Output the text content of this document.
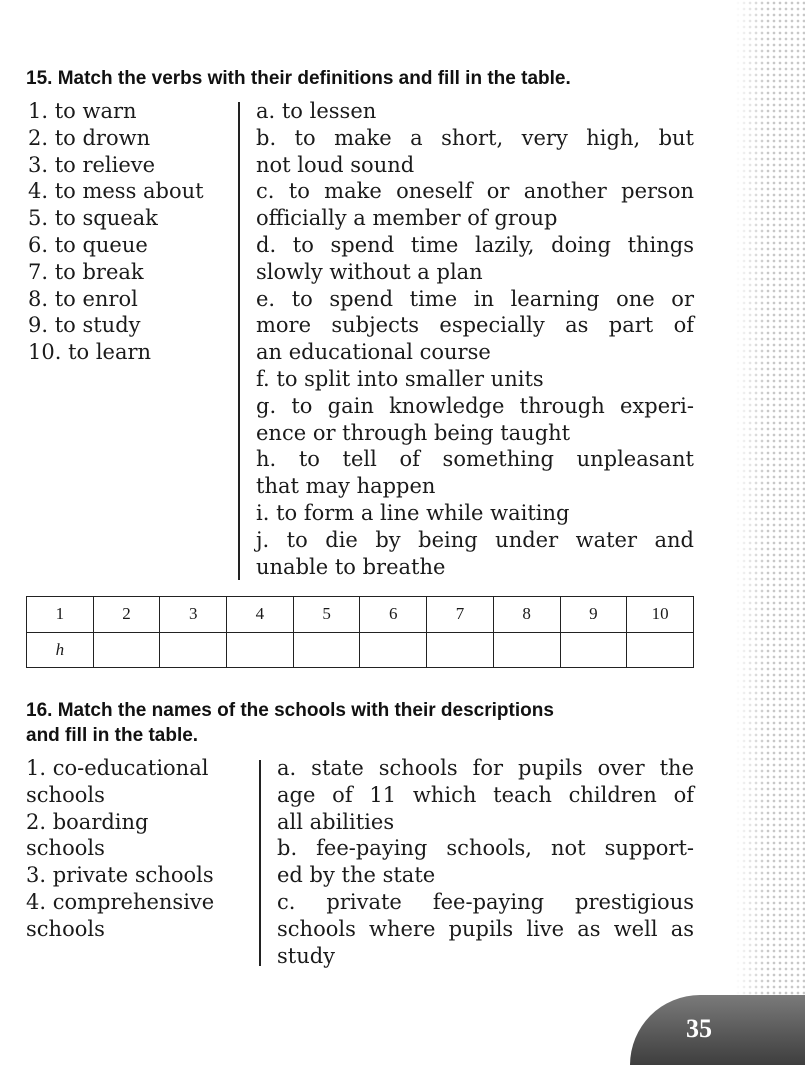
15. Match the verbs with their definitions and fill in the table.
1. to warn
2. to drown
3. to relieve
4. to mess about
5. to squeak
6. to queue
7. to break
8. to enrol
9. to study
10. to learn
a. to lessen
b. to make a short, very high, but
not loud sound
c. to make oneself or another person
officially a member of group
d. to spend time lazily, doing things
slowly without a plan
e. to spend time in learning one or
more subjects especially as part of
an educational course
f. to split into smaller units
g. to gain knowledge through experi-
ence or through being taught
h. to tell of something unpleasant
that may happen
i. to form a line while waiting
j. to die by being under water and
unable to breathe
1	2	3	4	5	6	7	8	9	10
h									
16. Match the names of the schools with their descriptions
and fill in the table.
1. co-educational
schools
2. boarding
schools
3. private schools
4. comprehensive
schools
a. state schools for pupils over the
age of 11 which teach children of
all abilities
b. fee-paying schools, not support-
ed by the state
c. private fee-paying prestigious
schools where pupils live as well as
study
35
